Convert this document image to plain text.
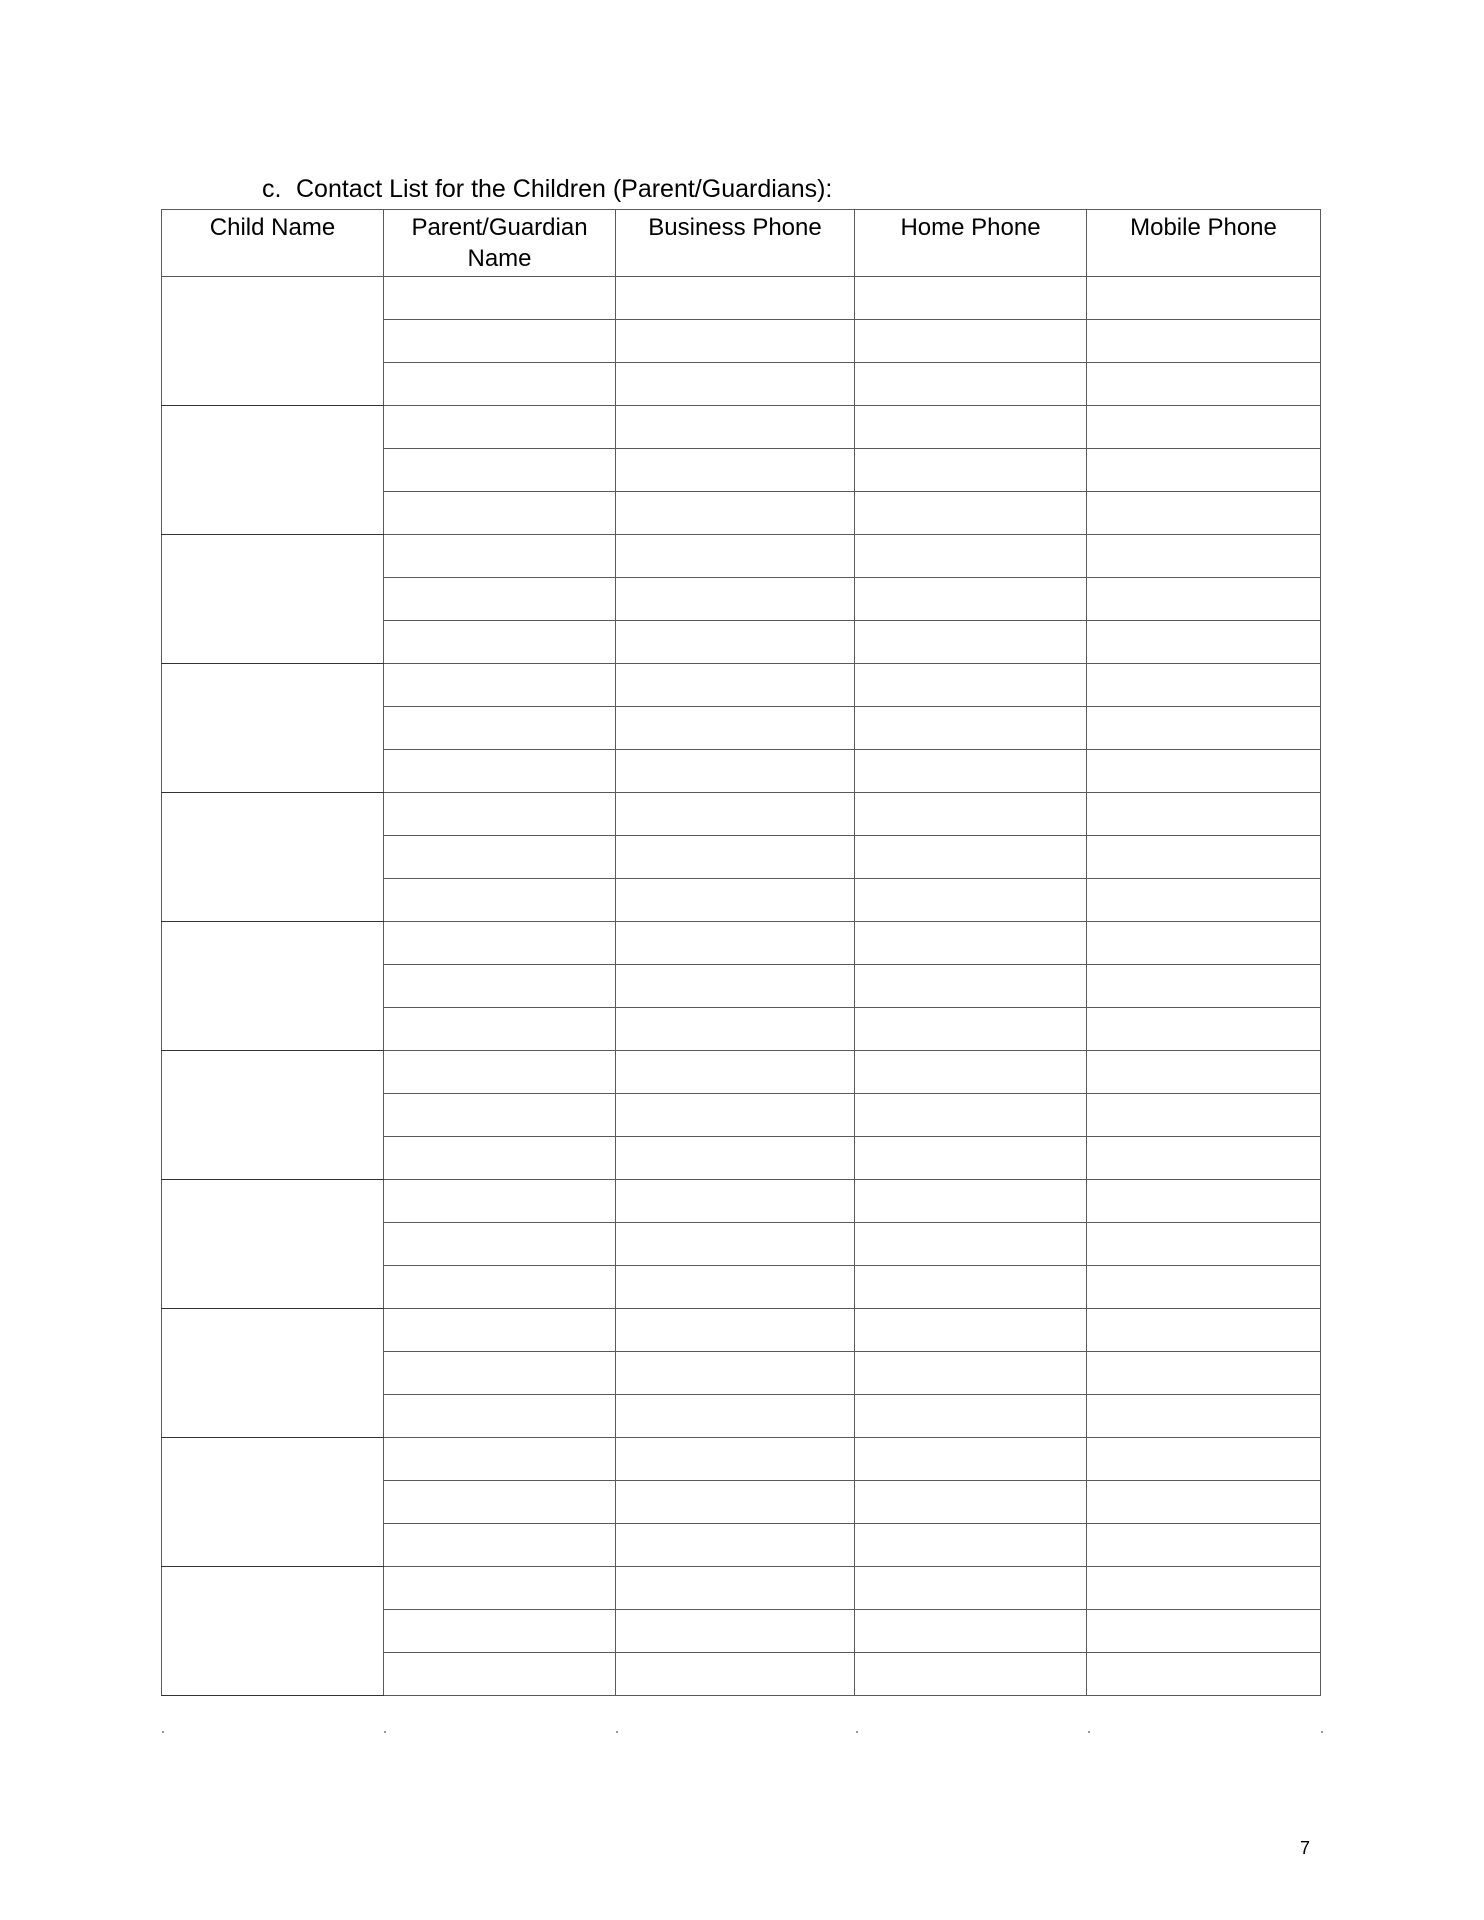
c. Contact List for the Children (Parent/Guardians):
Child Name	Parent/Guardian Name	Business Phone	Home Phone	Mobile Phone

7
